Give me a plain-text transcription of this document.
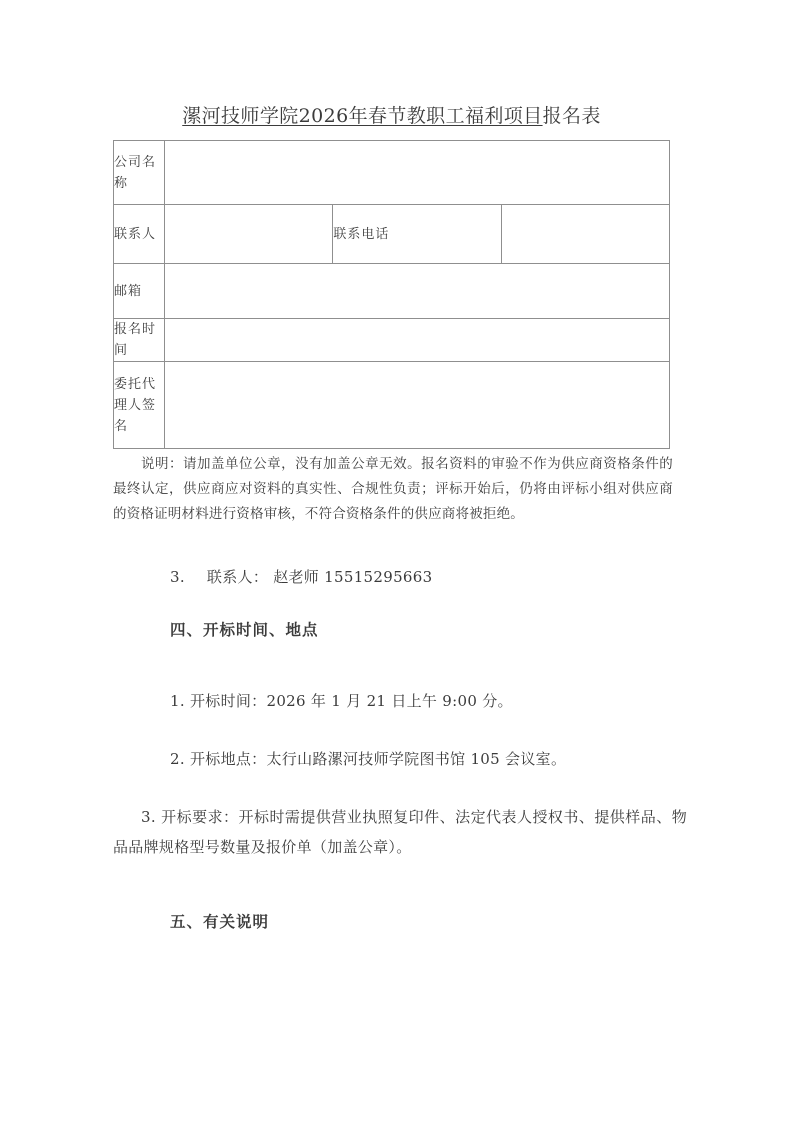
漯河技师学院2026年春节教职工福利项目报名表
公司名称			
联系人		联系电话	
邮箱			
报名时间			
委托代理人签名			
说明：请加盖单位公章，没有加盖公章无效。报名资料的审验不作为供应商资格条件的最终认定，供应商应对资料的真实性、合规性负责；评标开始后，仍将由评标小组对供应商的资格证明材料进行资格审核，不符合资格条件的供应商将被拒绝。
3. 联系人： 赵老师 15515295663
四、开标时间、地点
1. 开标时间：2026 年 1 月 21 日上午 9:00 分。
2. 开标地点：太行山路漯河技师学院图书馆 105 会议室。
3. 开标要求：开标时需提供营业执照复印件、法定代表人授权书、提供样品、物品品牌规格型号数量及报价单（加盖公章）。
五、有关说明
